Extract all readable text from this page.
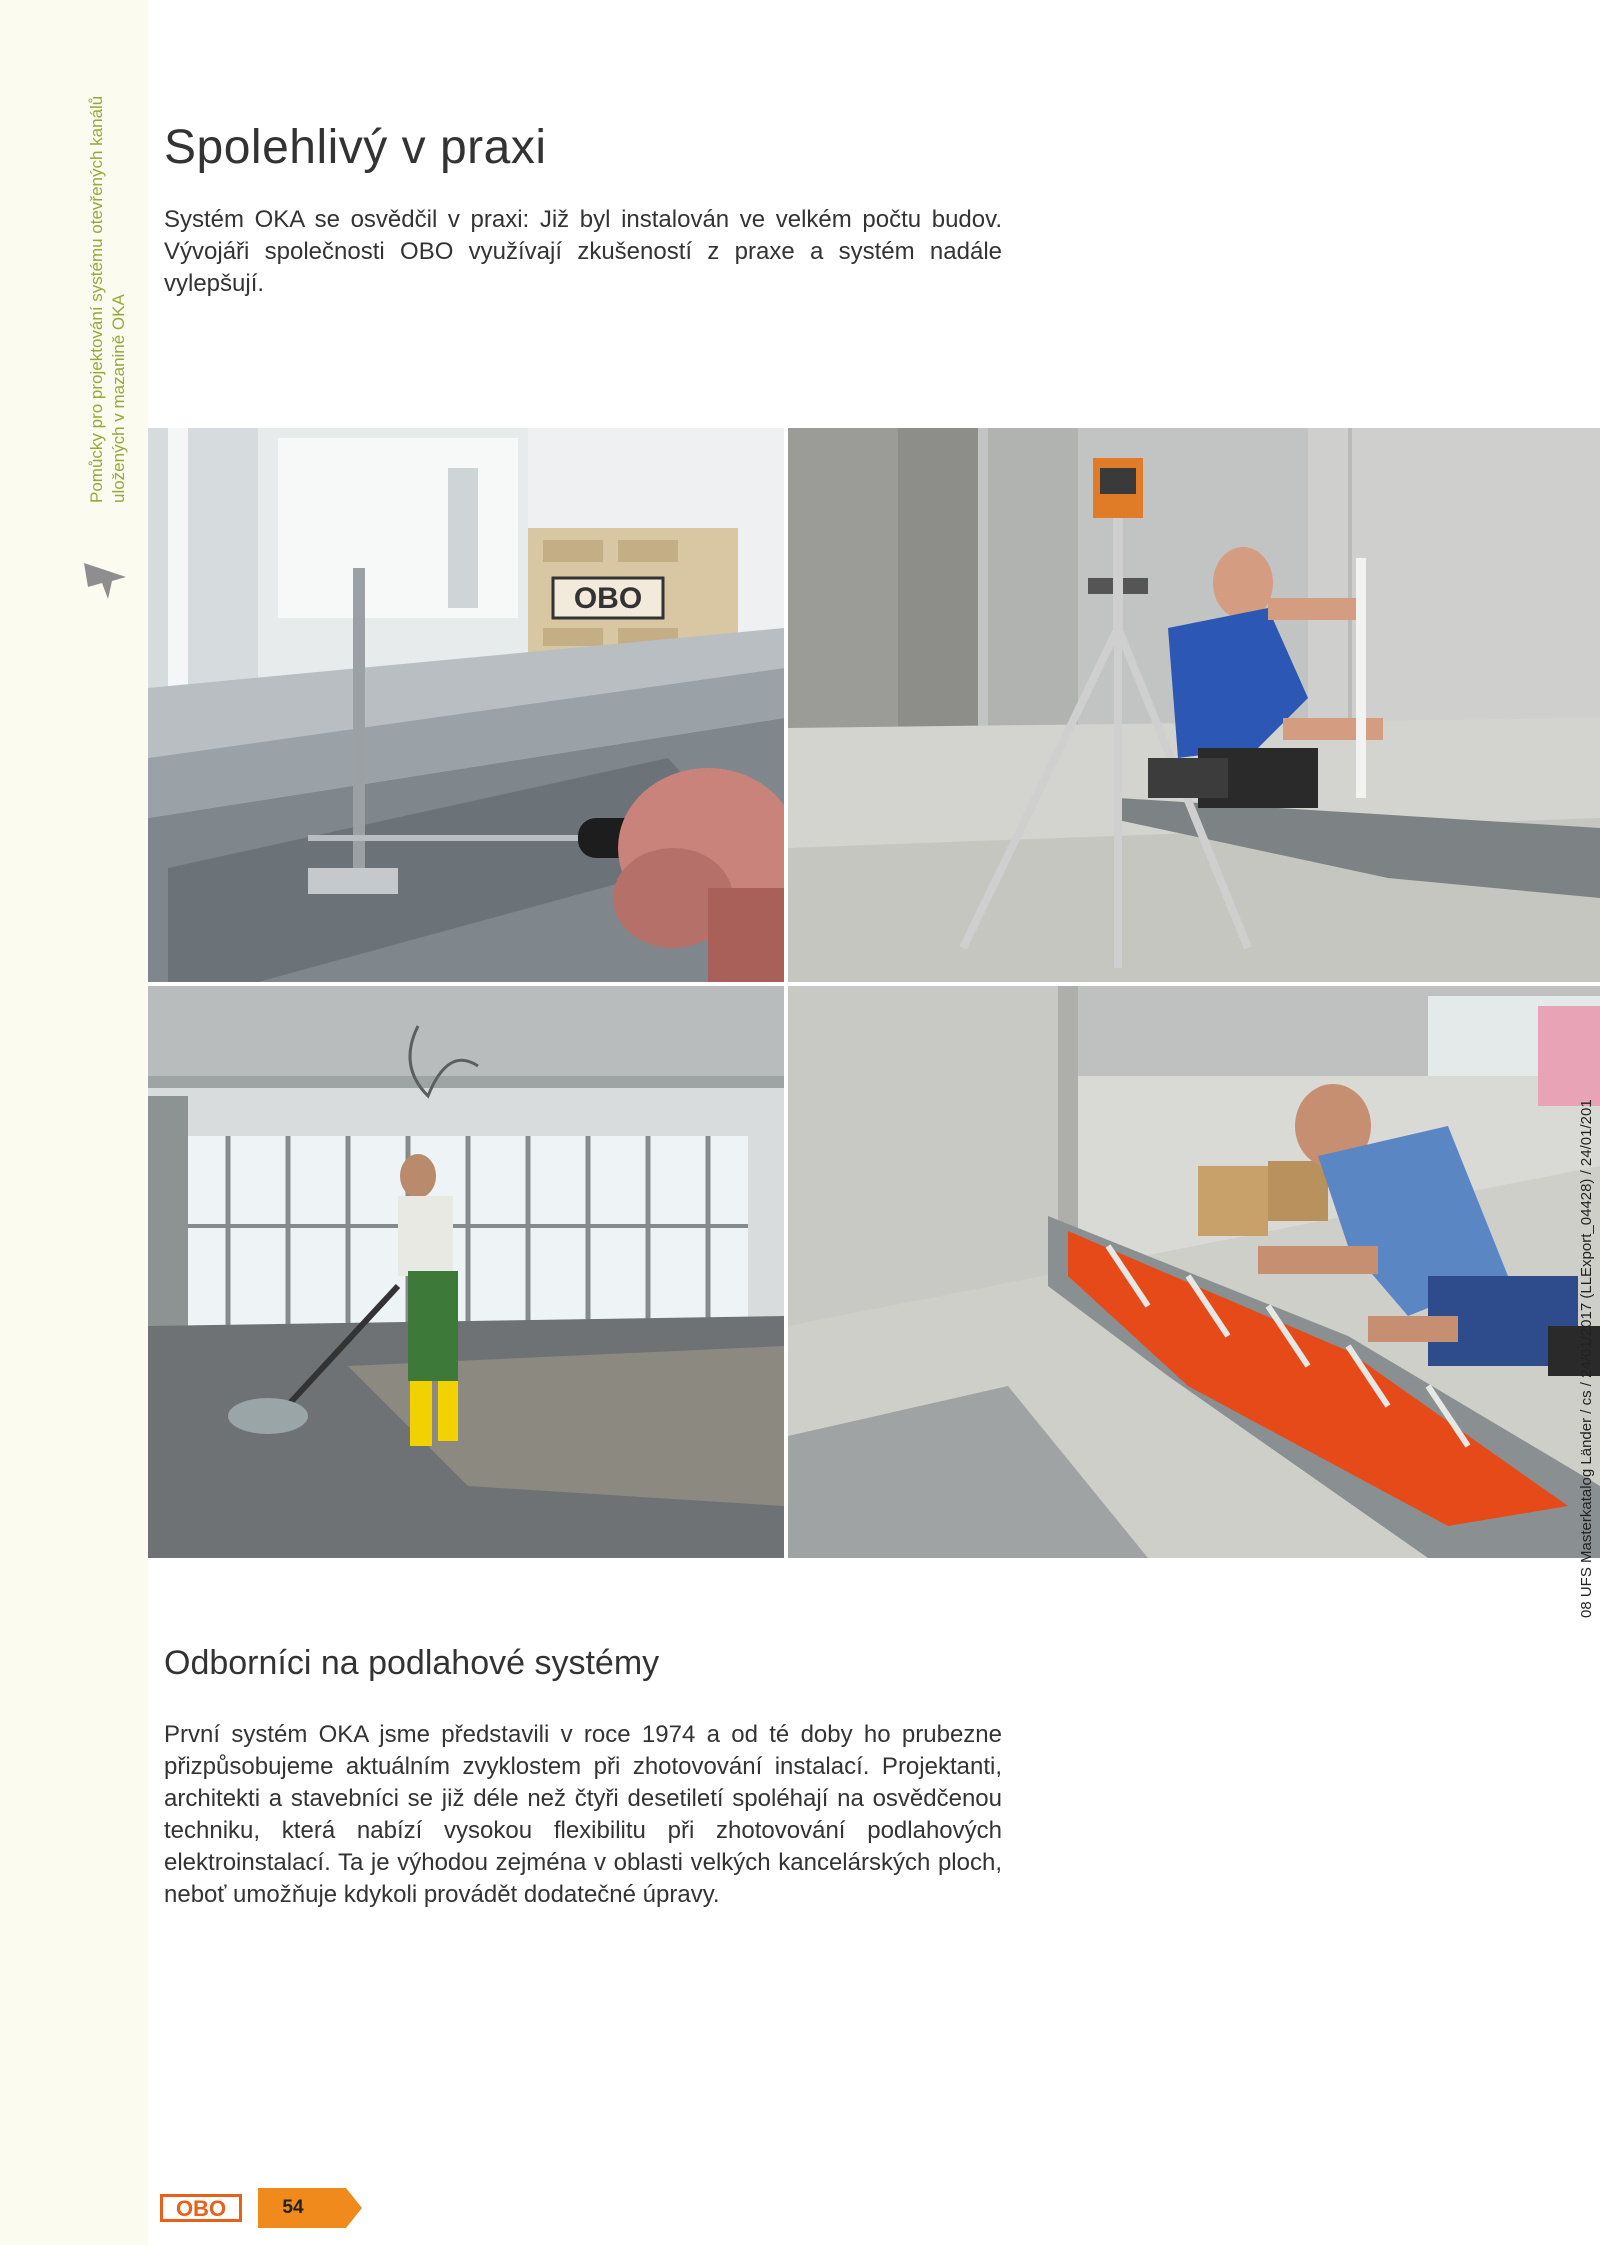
Pomůcky pro projektování systému otevřených kanálů
uložených v mazanině OKA
Spolehlivý v praxi

Systém OKA se osvědčil v praxi: Již byl instalován ve velkém počtu budov. Vývojáři společnosti OBO využívají zkušeností z praxe a systém nadále vylepšují.

OBO
Odborníci na podlahové systémy

První systém OKA jsme představili v roce 1974 a od té doby ho prubezne přizpůsobujeme aktuálním zvyklostem při zhotovování instalací. Projektanti, architekti a stavebníci se již déle než čtyři desetiletí spoléhají na osvědčenou techniku, která nabízí vysokou flexibilitu při zhotovování podlahových elektroinstalací. Ta je výhodou zejména v oblasti velkých kancelárských ploch, neboť umožňuje kdykoli provádět dodatečné úpravy.

08 UFS Masterkatalog Länder / cs / 24/01/2017 (LLExport_04428) / 24/01/201
OBO	54
